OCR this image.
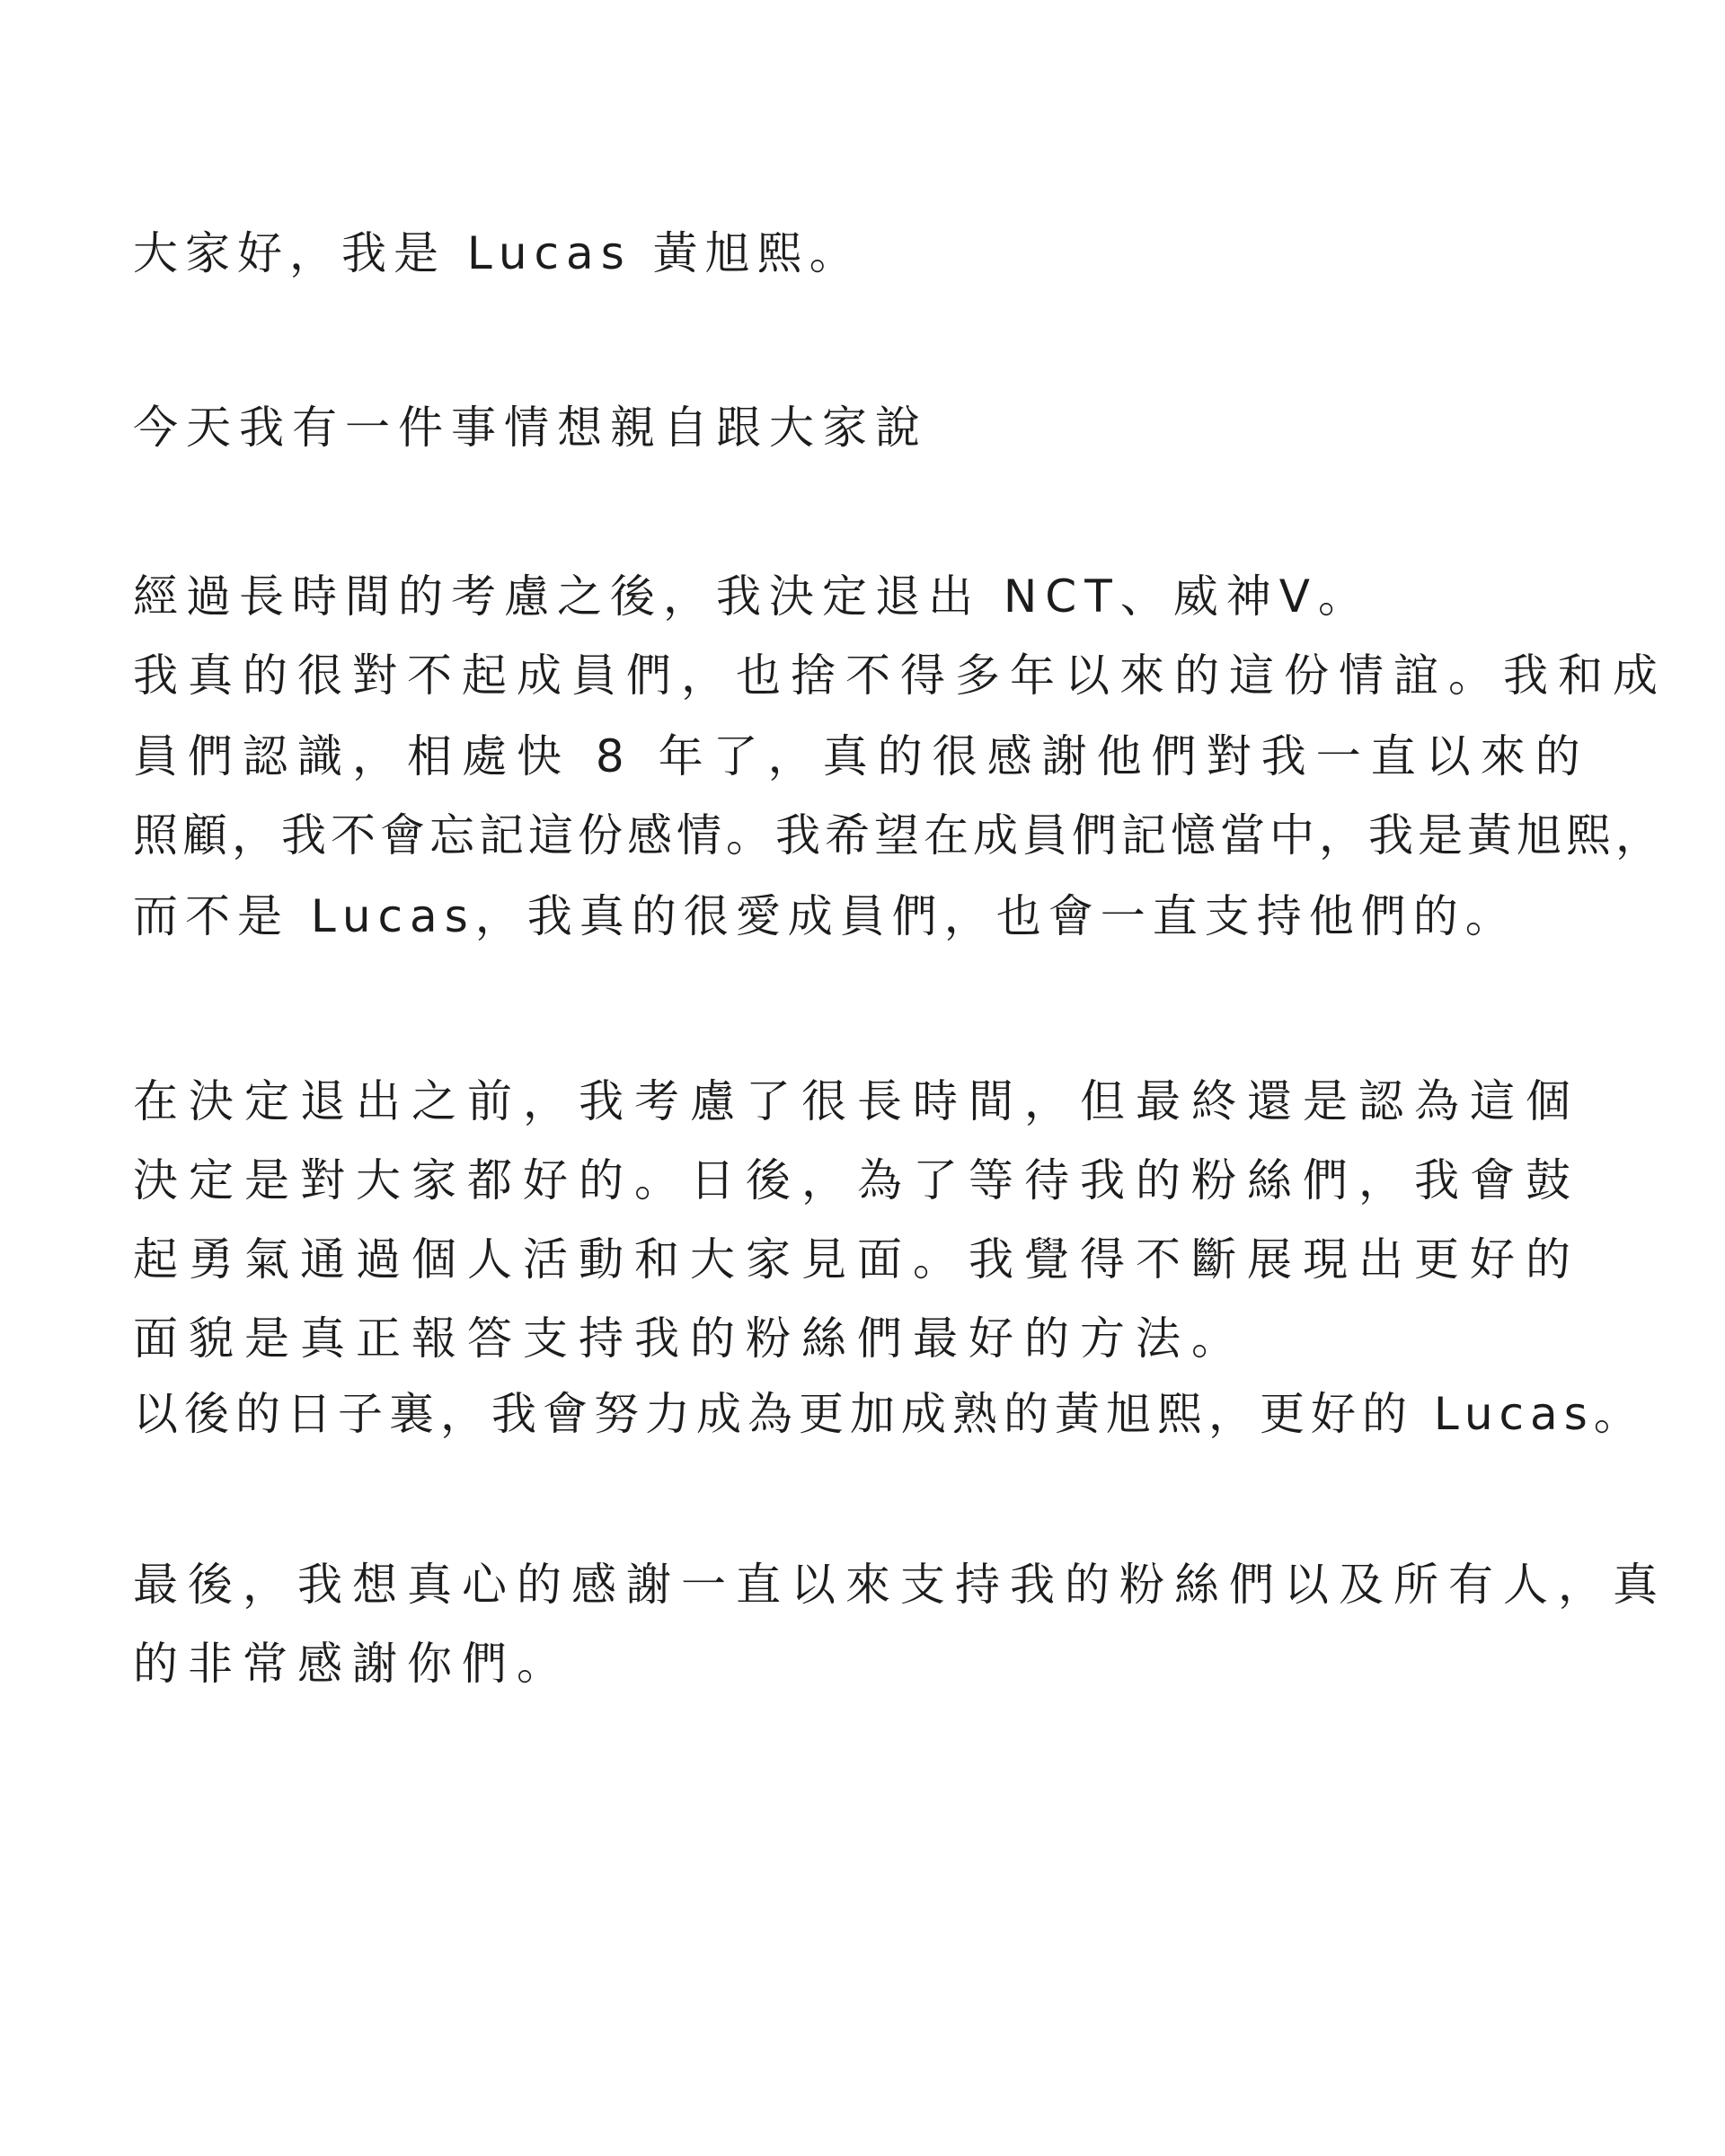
大家好，我是 Lucas 黃旭熙。
今天我有一件事情想親自跟大家說
經過長時間的考慮之後，我決定退出 NCT、威神V。
我真的很對不起成員們，也捨不得多年以來的這份情誼。我和成
員們認識，相處快 8 年了，真的很感謝他們對我一直以來的
照顧，我不會忘記這份感情。我希望在成員們記憶當中，我是黃旭熙，
而不是 Lucas，我真的很愛成員們，也會一直支持他們的。
在決定退出之前，我考慮了很長時間，但最終還是認為這個
決定是對大家都好的。日後，為了等待我的粉絲們，我會鼓
起勇氣通過個人活動和大家見面。我覺得不斷展現出更好的
面貌是真正報答支持我的粉絲們最好的方法。
以後的日子裏，我會努力成為更加成熟的黃旭熙，更好的 Lucas。
最後，我想真心的感謝一直以來支持我的粉絲們以及所有人，真
的非常感謝你們。
